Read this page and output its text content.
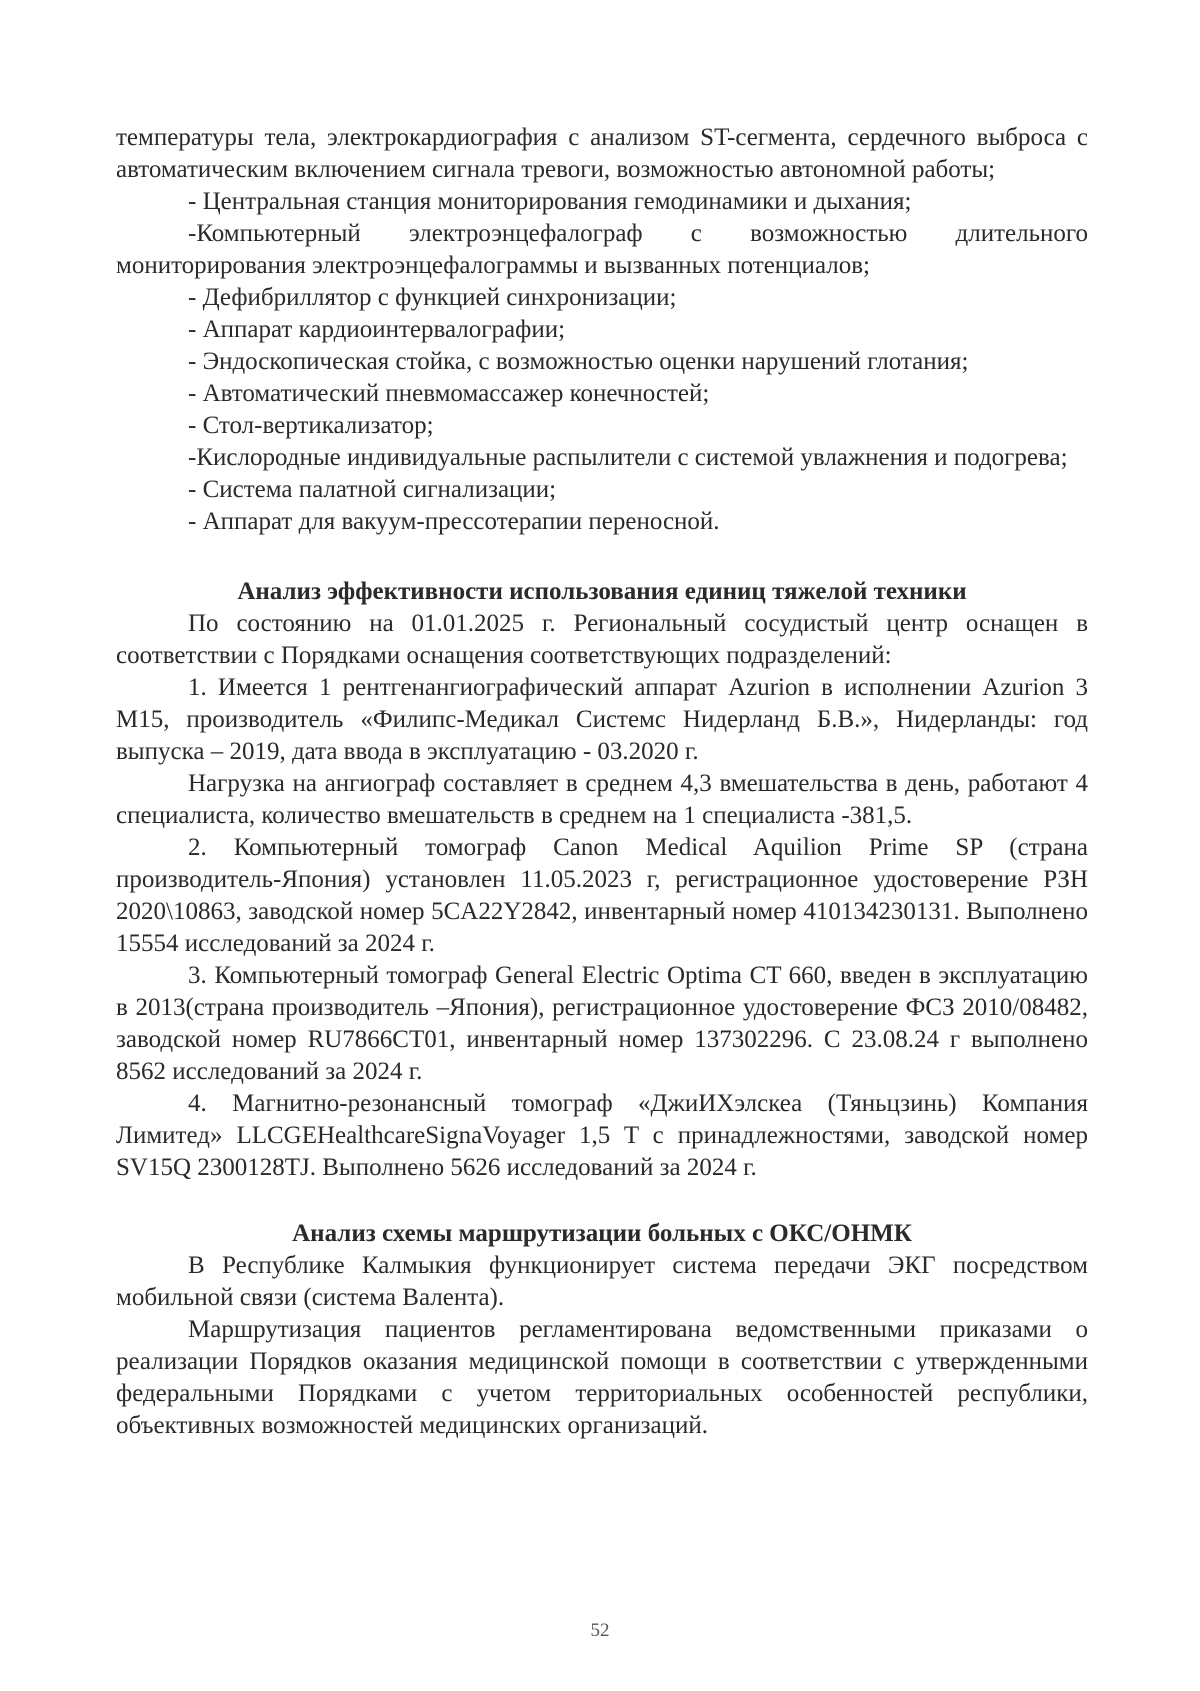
температуры тела, электрокардиография с анализом ST-сегмента, сердечного выброса с автоматическим включением сигнала тревоги, возможностью автономной работы;

- Центральная станция мониторирования гемодинамики и дыхания;

-Компьютерный электроэнцефалограф с возможностью длительного мониторирования электроэнцефалограммы и вызванных потенциалов;

- Дефибриллятор с функцией синхронизации;

- Аппарат кардиоинтервалографии;

- Эндоскопическая стойка, с возможностью оценки нарушений глотания;

- Автоматический пневмомассажер конечностей;

- Стол-вертикализатор;

-Кислородные индивидуальные распылители с системой увлажнения и подогрева;

- Система палатной сигнализации;

- Аппарат для вакуум-прессотерапии переносной.

Анализ эффективности использования единиц тяжелой техники

По состоянию на 01.01.2025 г. Региональный сосудистый центр оснащен в соответствии с Порядками оснащения соответствующих подразделений:

1. Имеется 1 рентгенангиографический аппарат Azurion в исполнении Azurion 3 M15, производитель «Филипс-Медикал Системс Нидерланд Б.В.», Нидерланды: год выпуска – 2019, дата ввода в эксплуатацию - 03.2020 г.

Нагрузка на ангиограф составляет в среднем 4,3 вмешательства в день, работают 4 специалиста, количество вмешательств в среднем на 1 специалиста -381,5.

2. Компьютерный томограф Canon Medical Aquilion Prime SP (страна производитель-Япония) установлен 11.05.2023 г, регистрационное удостоверение РЗН 2020\10863, заводской номер 5CA22Y2842, инвентарный номер 410134230131. Выполнено 15554 исследований за 2024 г.

3. Компьютерный томограф General Electric Optima CT 660, введен в эксплуатацию в 2013(страна производитель –Япония), регистрационное удостоверение ФСЗ 2010/08482, заводской номер RU7866CT01, инвентарный номер 137302296. С 23.08.24 г выполнено 8562 исследований за 2024 г.

4. Магнитно-резонансный томограф «ДжиИХэлскеа (Тяньцзинь) Компания Лимитед» LLCGEHealthcareSignaVoyager 1,5 T с принадлежностями, заводской номер SV15Q 2300128TJ. Выполнено 5626 исследований за 2024 г.

Анализ схемы маршрутизации больных с ОКС/ОНМК

В Республике Калмыкия функционирует система передачи ЭКГ посредством мобильной связи (система Валента).

Маршрутизация пациентов регламентирована ведомственными приказами о реализации Порядков оказания медицинской помощи в соответствии с утвержденными федеральными Порядками с учетом территориальных особенностей республики, объективных возможностей медицинских организаций.

52
